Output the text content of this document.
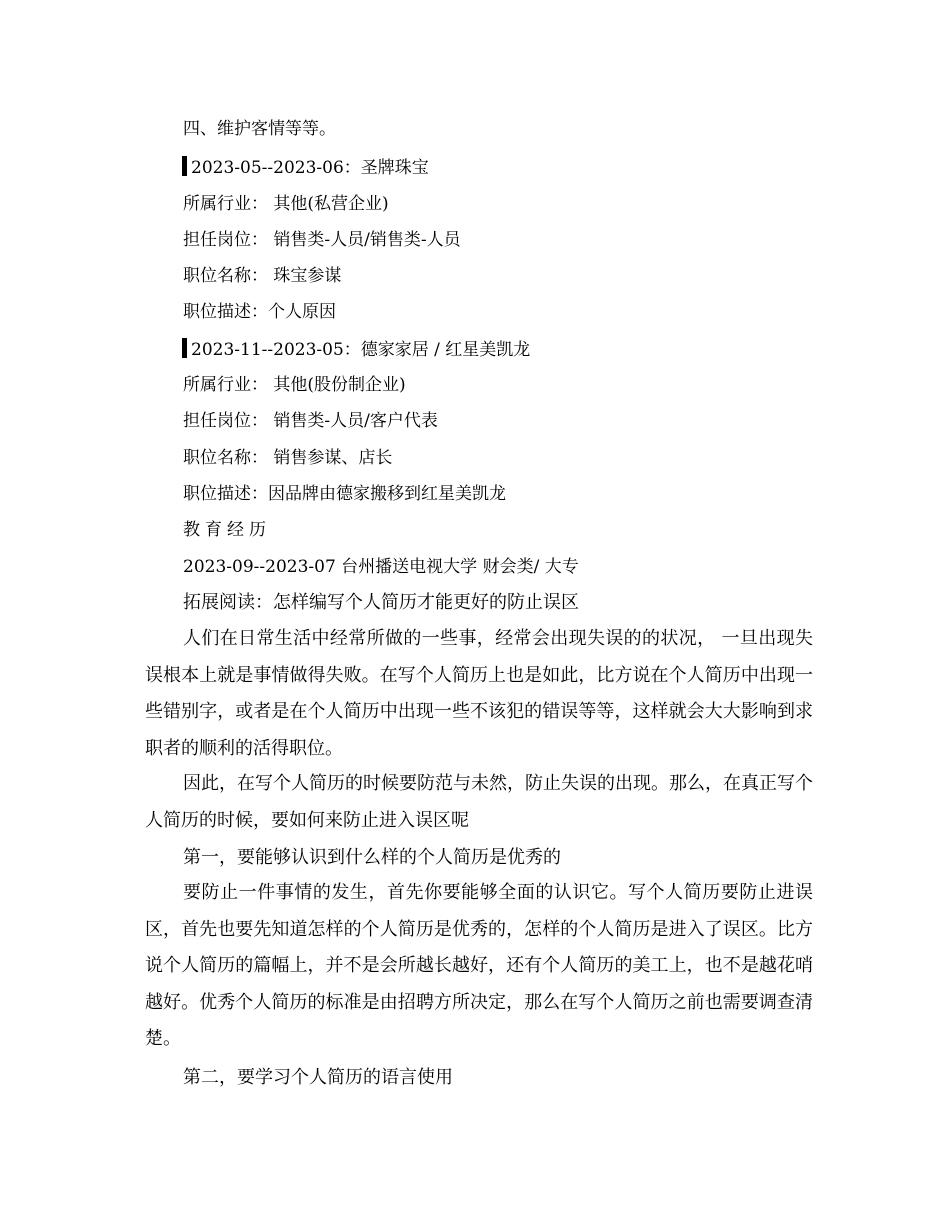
四、维护客情等等。
2023-05--2023-06：圣牌珠宝
所属行业： 其他(私营企业)
担任岗位： 销售类-人员/销售类-人员
职位名称： 珠宝参谋
职位描述：个人原因
2023-11--2023-05：德家家居 / 红星美凯龙
所属行业： 其他(股份制企业)
担任岗位： 销售类-人员/客户代表
职位名称： 销售参谋、店长
职位描述：因品牌由德家搬移到红星美凯龙
教育经历
2023-09--2023-07 台州播送电视大学 财会类/ 大专
拓展阅读：怎样编写个人简历才能更好的防止误区
人们在日常生活中经常所做的一些事，经常会出现失误的的状况， 一旦出现失误根本上就是事情做得失败。在写个人简历上也是如此，比方说在个人简历中出现一些错别字，或者是在个人简历中出现一些不该犯的错误等等，这样就会大大影响到求职者的顺利的活得职位。
因此，在写个人简历的时候要防范与未然，防止失误的出现。那么，在真正写个人简历的时候，要如何来防止进入误区呢
第一，要能够认识到什么样的个人简历是优秀的
要防止一件事情的发生，首先你要能够全面的认识它。写个人简历要防止进误区，首先也要先知道怎样的个人简历是优秀的，怎样的个人简历是进入了误区。比方说个人简历的篇幅上，并不是会所越长越好，还有个人简历的美工上，也不是越花哨越好。优秀个人简历的标准是由招聘方所决定，那么在写个人简历之前也需要调查清楚。
第二，要学习个人简历的语言使用
